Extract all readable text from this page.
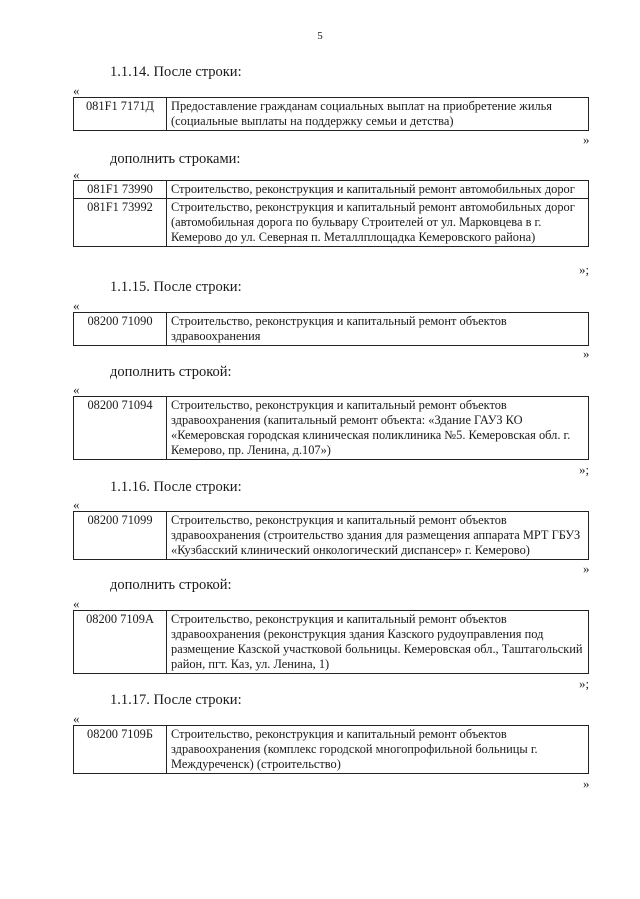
5
1.1.14. После строки:
«
081F1 7171Д	Предоставление гражданам социальных выплат на приобретение жилья (социальные выплаты на поддержку семьи и детства)
»
дополнить строками:
«
081F1 73990	Строительство, реконструкция и капитальный ремонт автомобильных дорог
081F1 73992	Строительство, реконструкция и капитальный ремонт автомобильных дорог (автомобильная дорога по бульвару Строителей от ул. Марковцева в г. Кемерово до ул. Северная п. Металлплощадка Кемеровского района)
»;
1.1.15. После строки:
«
08200 71090	Строительство, реконструкция и капитальный ремонт объектов здравоохранения
»
дополнить строкой:
«
08200 71094	Строительство, реконструкция и капитальный ремонт объектов здравоохранения (капитальный ремонт объекта: «Здание ГАУЗ КО «Кемеровская городская клиническая поликлиника №5. Кемеровская обл. г. Кемерово, пр. Ленина, д.107»)
»;
1.1.16. После строки:
«
08200 71099	Строительство, реконструкция и капитальный ремонт объектов здравоохранения (строительство здания для размещения аппарата МРТ ГБУЗ «Кузбасский клинический онкологический диспансер» г. Кемерово)
»
дополнить строкой:
«
08200 7109А	Строительство, реконструкция и капитальный ремонт объектов здравоохранения (реконструкция здания Казского рудоуправления под размещение Казской участковой больницы. Кемеровская обл., Таштагольский район, пгт. Каз, ул. Ленина, 1)
»;
1.1.17. После строки:
«
08200 7109Б	Строительство, реконструкция и капитальный ремонт объектов здравоохранения (комплекс городской многопрофильной больницы г. Междуреченск) (строительство)
»
